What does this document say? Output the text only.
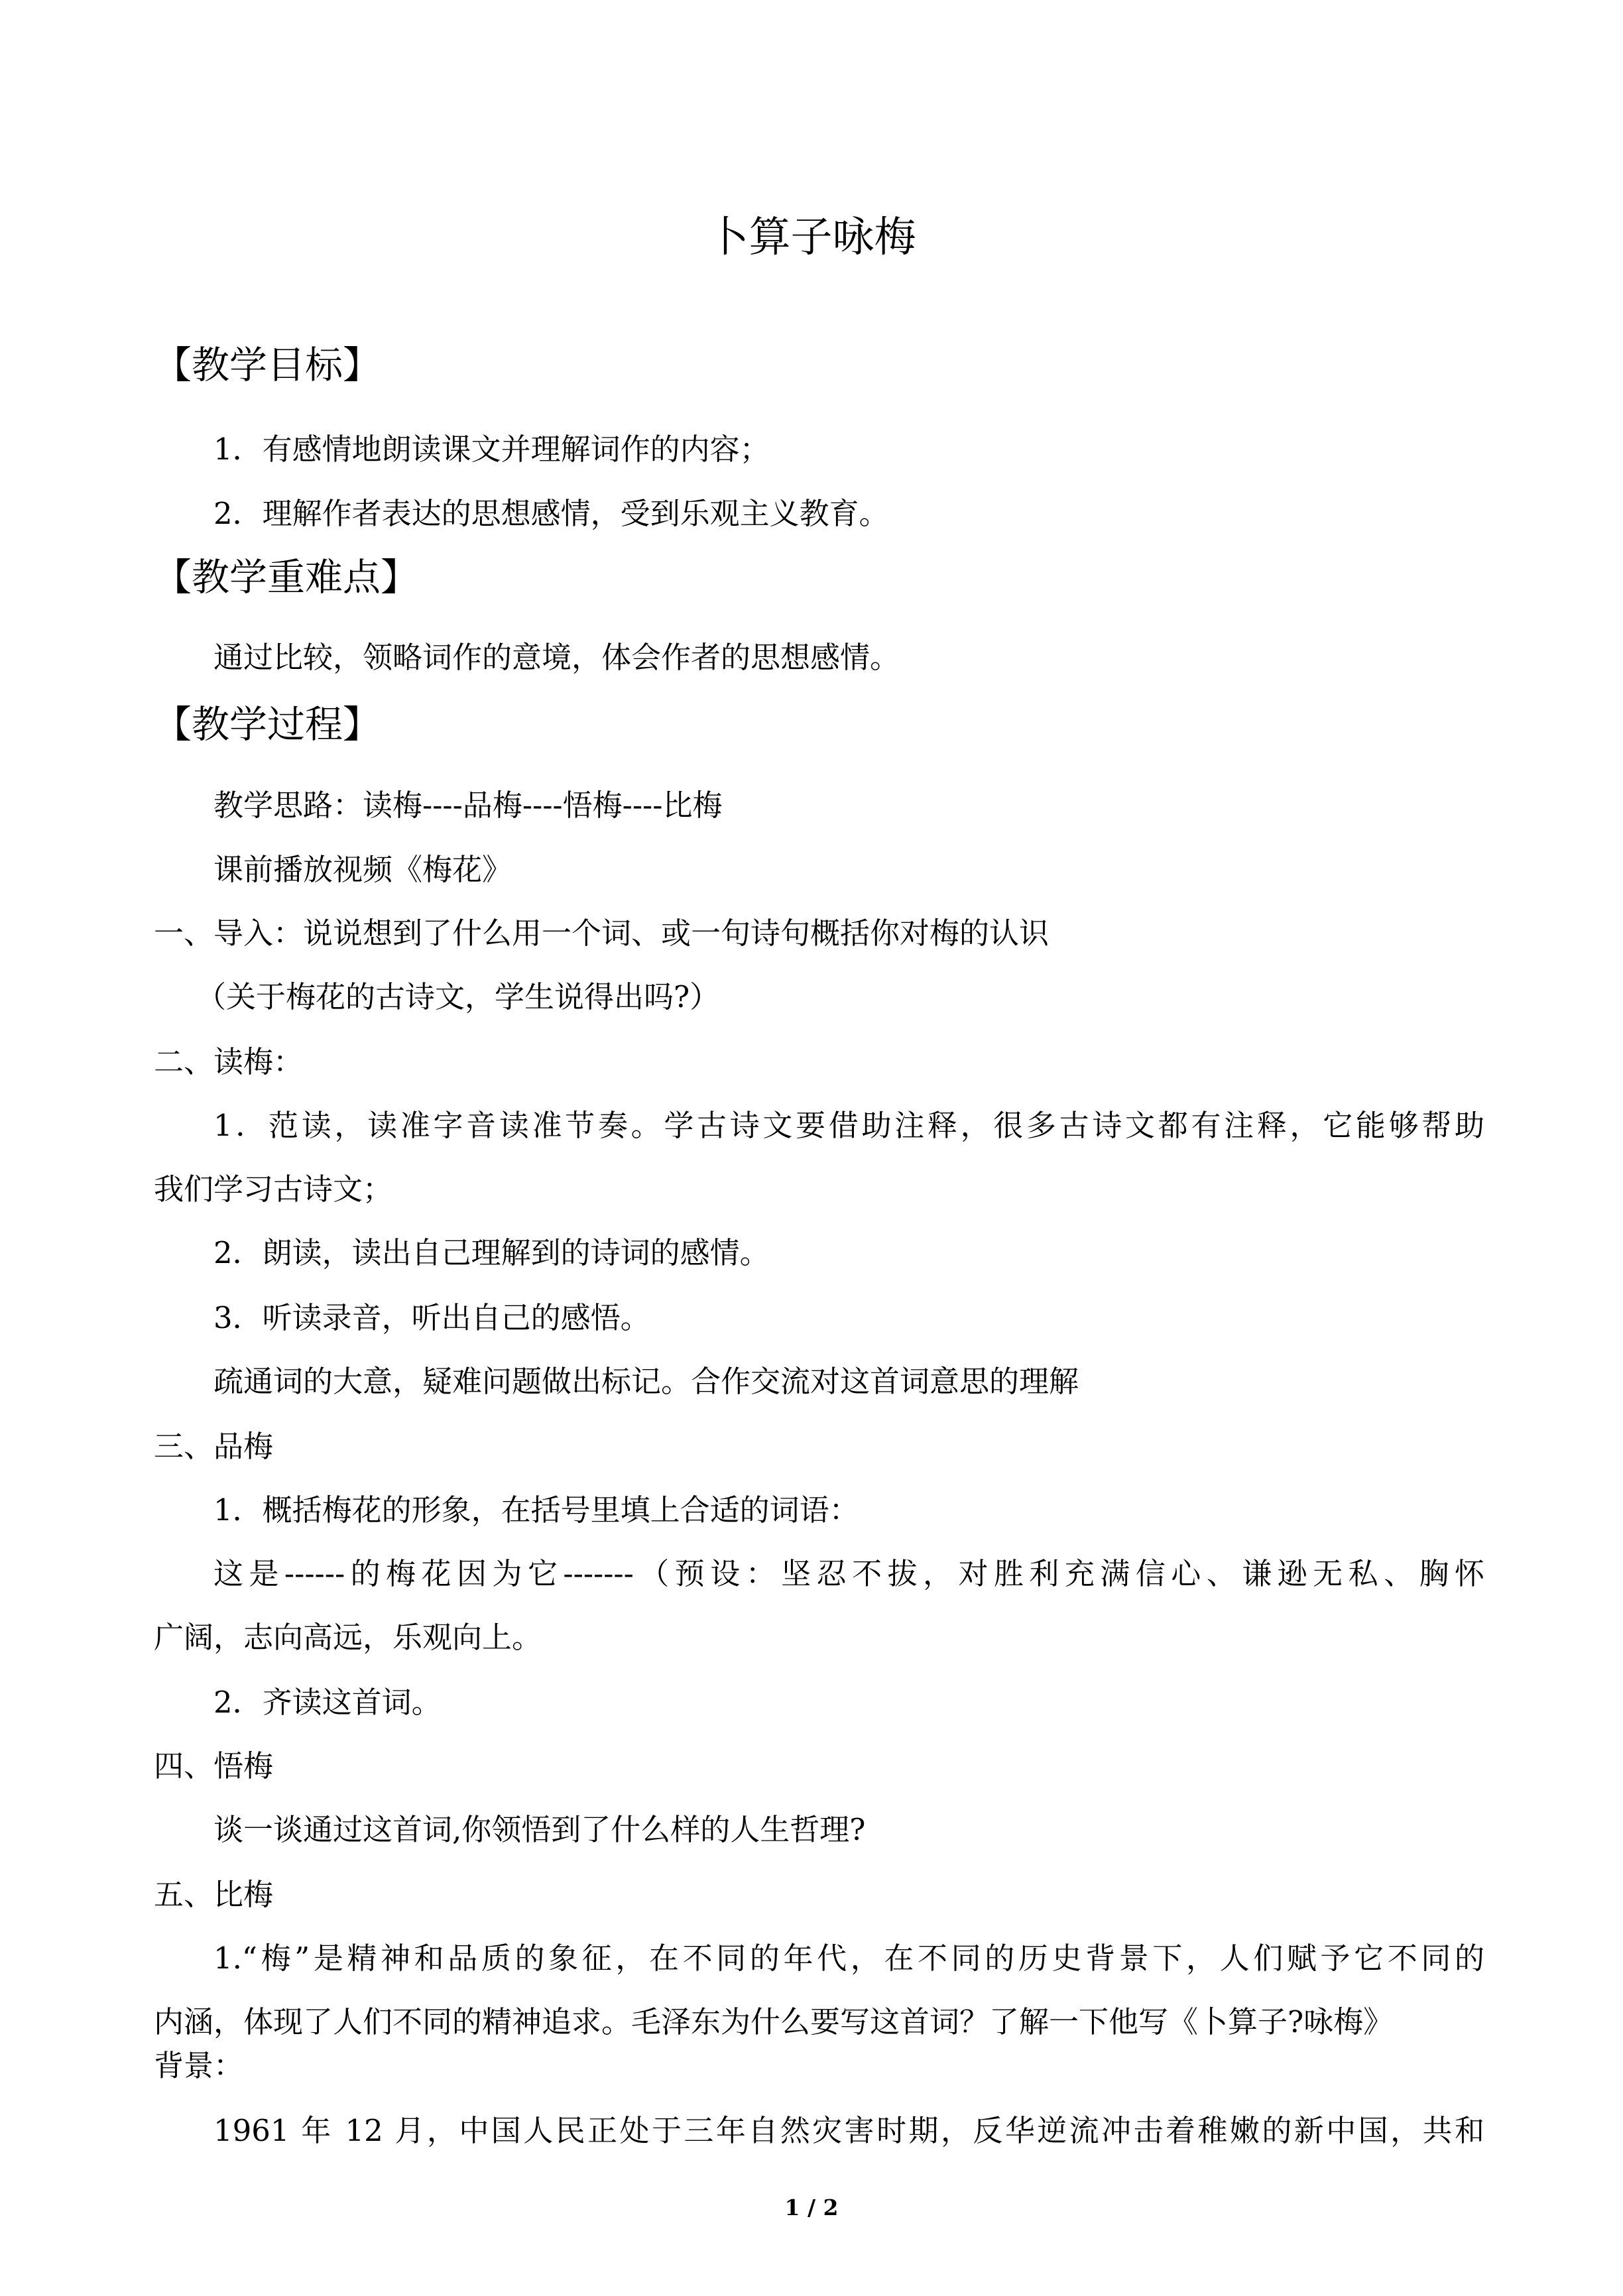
卜算子咏梅
【教学目标】
1．有感情地朗读课文并理解词作的内容；
2．理解作者表达的思想感情，受到乐观主义教育。
【教学重难点】
通过比较，领略词作的意境，体会作者的思想感情。
【教学过程】
教学思路：读梅----品梅----悟梅----比梅
课前播放视频《梅花》
一、导入：说说想到了什么用一个词、或一句诗句概括你对梅的认识
（关于梅花的古诗文，学生说得出吗?）
二、读梅：
1．范读，读准字音读准节奏。学古诗文要借助注释，很多古诗文都有注释，它能够帮助
我们学习古诗文；
2．朗读，读出自己理解到的诗词的感情。
3．听读录音，听出自己的感悟。
疏通词的大意，疑难问题做出标记。合作交流对这首词意思的理解
三、品梅
1．概括梅花的形象，在括号里填上合适的词语：
这是------的梅花因为它-------（预设：坚忍不拔，对胜利充满信心、谦逊无私、胸怀
广阔，志向高远，乐观向上。
2．齐读这首词。
四、悟梅
谈一谈通过这首词,你领悟到了什么样的人生哲理?
五、比梅
1.“梅”是精神和品质的象征，在不同的年代，在不同的历史背景下，人们赋予它不同的
内涵，体现了人们不同的精神追求。毛泽东为什么要写这首词？了解一下他写《卜算子?咏梅》
背景：
1961 年 12 月，中国人民正处于三年自然灾害时期，反华逆流冲击着稚嫩的新中国，共和
1 / 2
